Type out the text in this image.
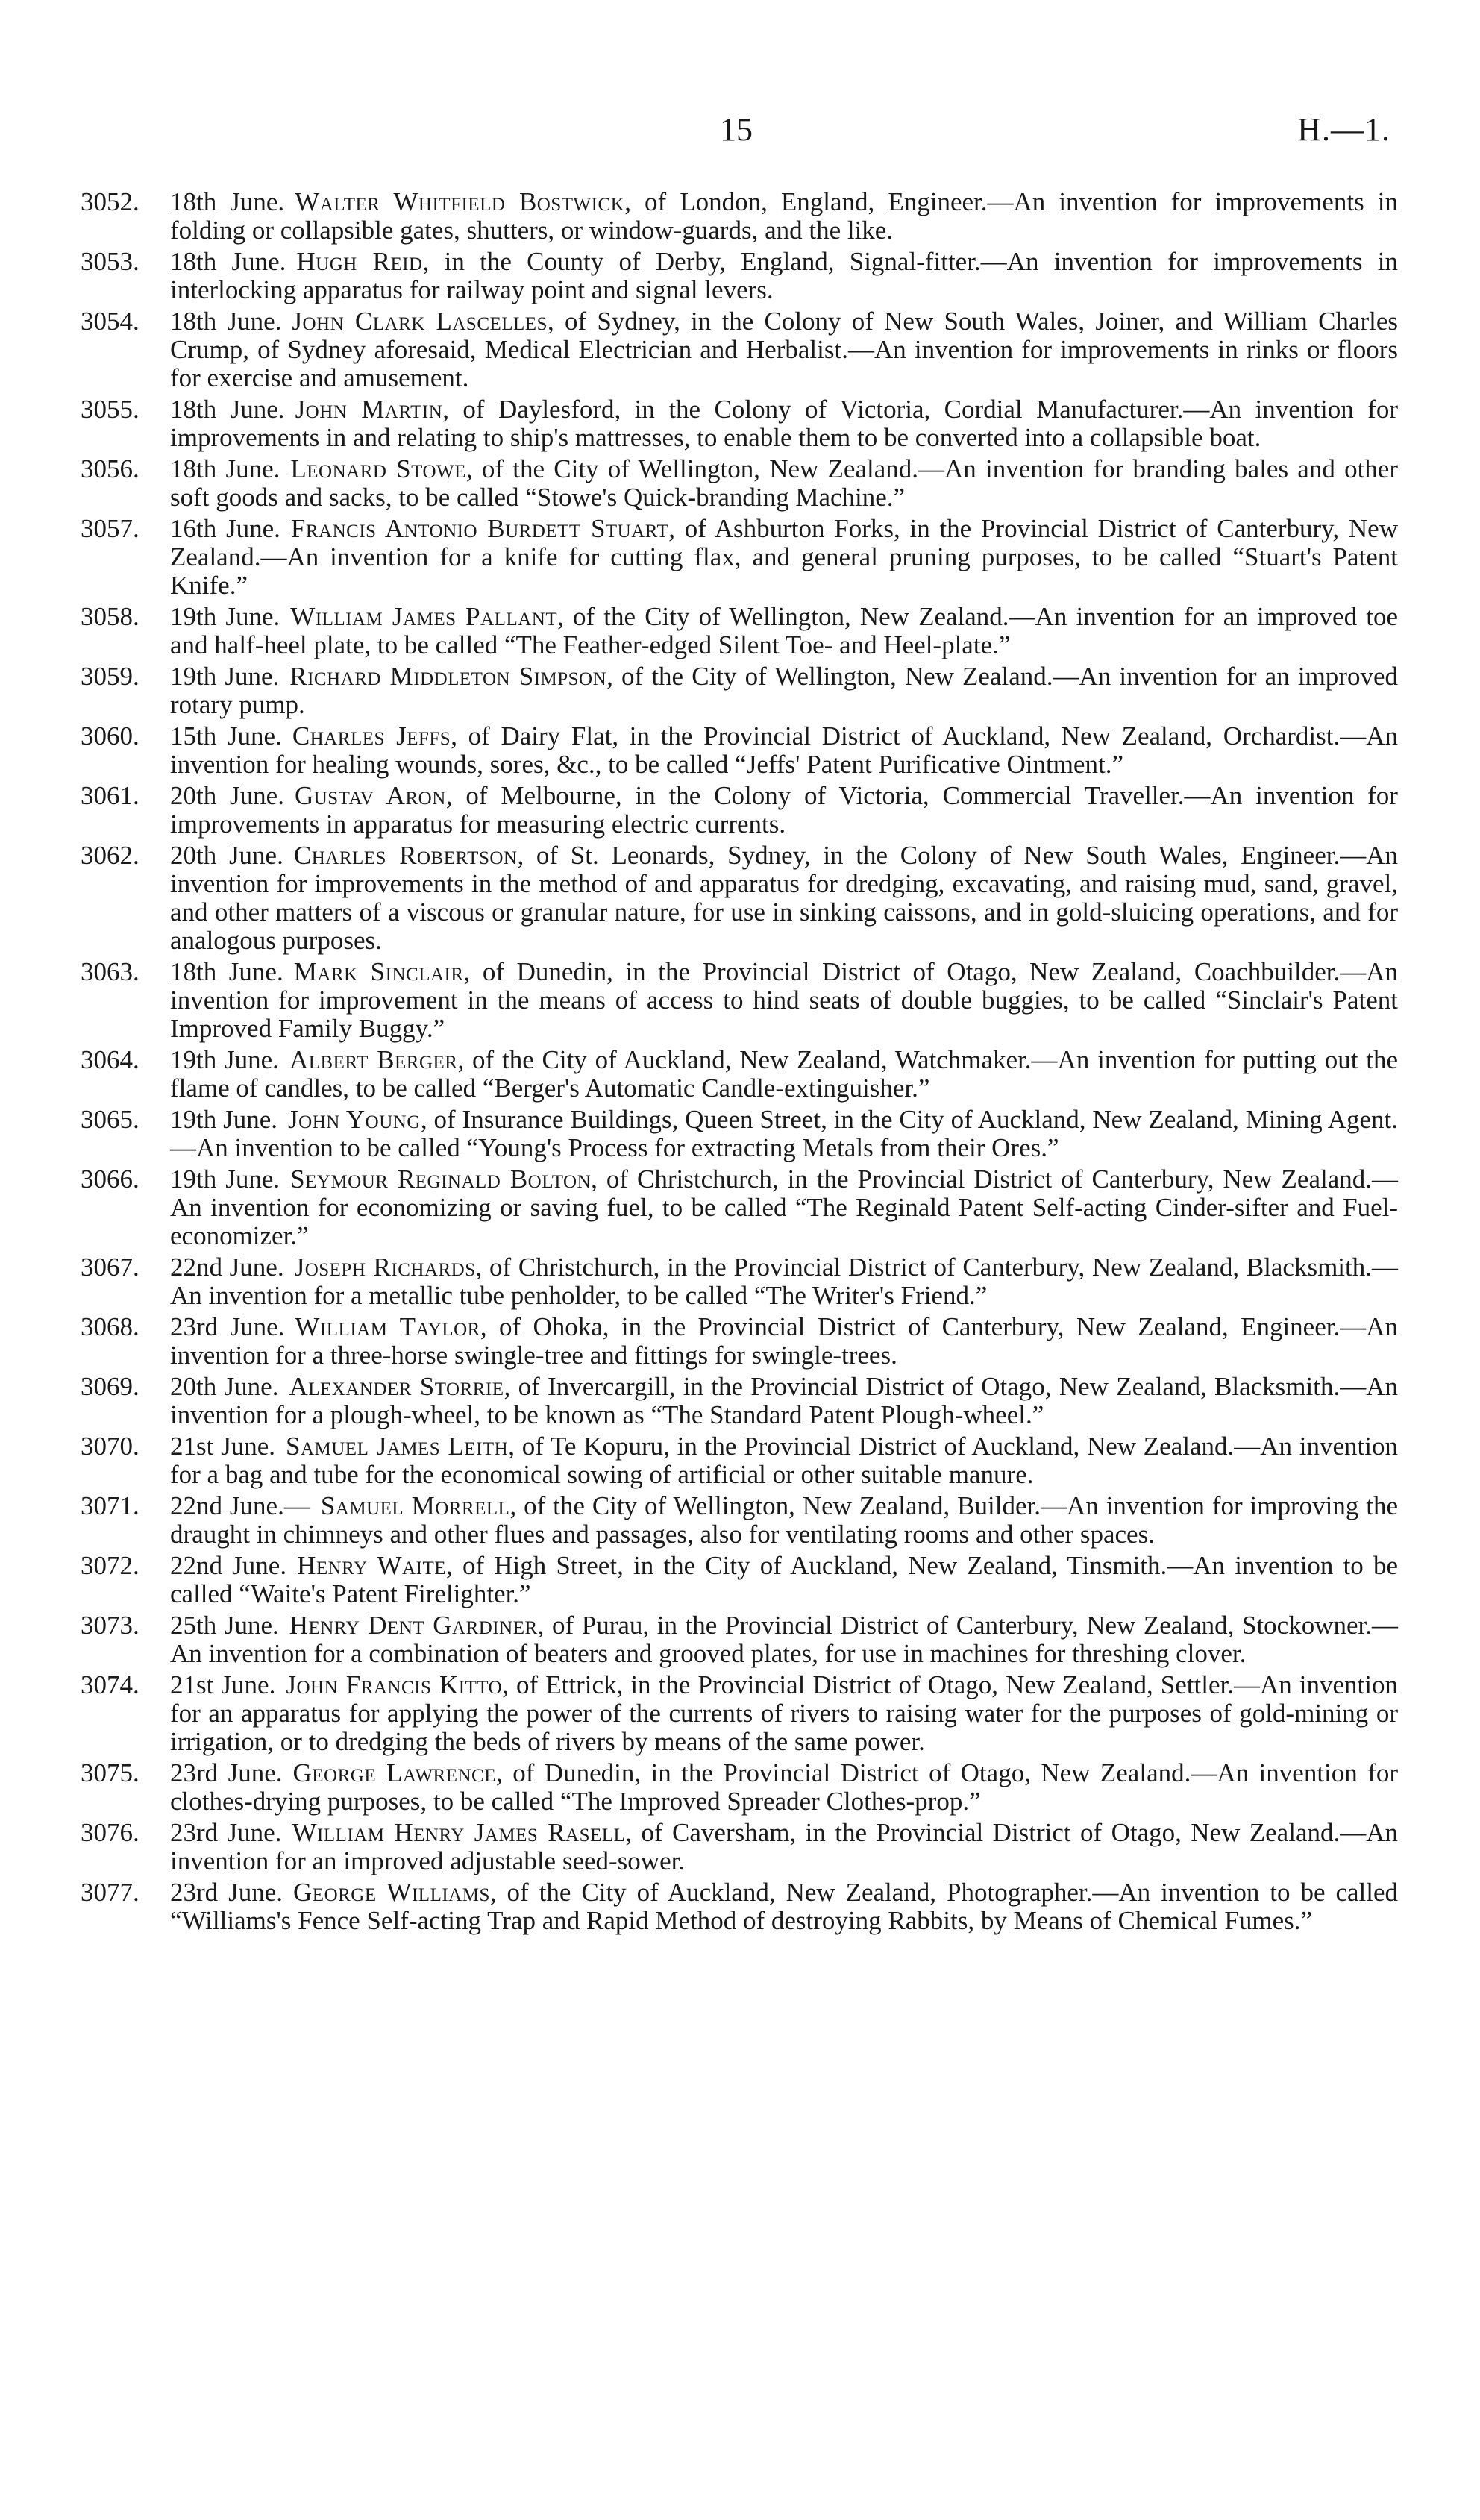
15	H.—1.

3052.	18th June. Walter Whitfield Bostwick, of London, England, Engineer.—An invention for improvements in folding or collapsible gates, shutters, or window-guards, and the like.

3053.	18th June. Hugh Reid, in the County of Derby, England, Signal-fitter.—An invention for improvements in interlocking apparatus for railway point and signal levers.

3054.	18th June. John Clark Lascelles, of Sydney, in the Colony of New South Wales, Joiner, and William Charles Crump, of Sydney aforesaid, Medical Electrician and Herbalist.—An invention for improvements in rinks or floors for exercise and amusement.

3055.	18th June. John Martin, of Daylesford, in the Colony of Victoria, Cordial Manufacturer.—An invention for improvements in and relating to ship's mattresses, to enable them to be converted into a collapsible boat.

3056.	18th June. Leonard Stowe, of the City of Wellington, New Zealand.—An invention for branding bales and other soft goods and sacks, to be called “Stowe's Quick-branding Machine.”

3057.	16th June. Francis Antonio Burdett Stuart, of Ashburton Forks, in the Provincial District of Canterbury, New Zealand.—An invention for a knife for cutting flax, and general pruning purposes, to be called “Stuart's Patent Knife.”

3058.	19th June. William James Pallant, of the City of Wellington, New Zealand.—An invention for an improved toe and half-heel plate, to be called “The Feather-edged Silent Toe- and Heel-plate.”

3059.	19th June. Richard Middleton Simpson, of the City of Wellington, New Zealand.—An invention for an improved rotary pump.

3060.	15th June. Charles Jeffs, of Dairy Flat, in the Provincial District of Auckland, New Zealand, Orchardist.—An invention for healing wounds, sores, &c., to be called “Jeffs' Patent Purificative Ointment.”

3061.	20th June. Gustav Aron, of Melbourne, in the Colony of Victoria, Commercial Traveller.—An invention for improvements in apparatus for measuring electric currents.

3062.	20th June. Charles Robertson, of St. Leonards, Sydney, in the Colony of New South Wales, Engineer.—An invention for improvements in the method of and apparatus for dredging, excavating, and raising mud, sand, gravel, and other matters of a viscous or granular nature, for use in sinking caissons, and in gold-sluicing operations, and for analogous purposes.

3063.	18th June. Mark Sinclair, of Dunedin, in the Provincial District of Otago, New Zealand, Coachbuilder.—An invention for improvement in the means of access to hind seats of double buggies, to be called “Sinclair's Patent Improved Family Buggy.”

3064.	19th June. Albert Berger, of the City of Auckland, New Zealand, Watchmaker.—An invention for putting out the flame of candles, to be called “Berger's Automatic Candle-extinguisher.”

3065.	19th June. John Young, of Insurance Buildings, Queen Street, in the City of Auckland, New Zealand, Mining Agent.—An invention to be called “Young's Process for extracting Metals from their Ores.”

3066.	19th June. Seymour Reginald Bolton, of Christchurch, in the Provincial District of Canterbury, New Zealand.—An invention for economizing or saving fuel, to be called “The Reginald Patent Self-acting Cinder-sifter and Fuel-economizer.”

3067.	22nd June. Joseph Richards, of Christchurch, in the Provincial District of Canterbury, New Zealand, Blacksmith.—An invention for a metallic tube penholder, to be called “The Writer's Friend.”

3068.	23rd June. William Taylor, of Ohoka, in the Provincial District of Canterbury, New Zealand, Engineer.—An invention for a three-horse swingle-tree and fittings for swingle-trees.

3069.	20th June. Alexander Storrie, of Invercargill, in the Provincial District of Otago, New Zealand, Blacksmith.—An invention for a plough-wheel, to be known as “The Standard Patent Plough-wheel.”

3070.	21st June. Samuel James Leith, of Te Kopuru, in the Provincial District of Auckland, New Zealand.—An invention for a bag and tube for the economical sowing of artificial or other suitable manure.

3071.	22nd June.— Samuel Morrell, of the City of Wellington, New Zealand, Builder.—An invention for improving the draught in chimneys and other flues and passages, also for ventilating rooms and other spaces.

3072.	22nd June. Henry Waite, of High Street, in the City of Auckland, New Zealand, Tinsmith.—An invention to be called “Waite's Patent Firelighter.”

3073.	25th June. Henry Dent Gardiner, of Purau, in the Provincial District of Canterbury, New Zealand, Stockowner.—An invention for a combination of beaters and grooved plates, for use in machines for threshing clover.

3074.	21st June. John Francis Kitto, of Ettrick, in the Provincial District of Otago, New Zealand, Settler.—An invention for an apparatus for applying the power of the currents of rivers to raising water for the purposes of gold-mining or irrigation, or to dredging the beds of rivers by means of the same power.

3075.	23rd June. George Lawrence, of Dunedin, in the Provincial District of Otago, New Zealand.—An invention for clothes-drying purposes, to be called “The Improved Spreader Clothes-prop.”

3076.	23rd June. William Henry James Rasell, of Caversham, in the Provincial District of Otago, New Zealand.—An invention for an improved adjustable seed-sower.

3077.	23rd June. George Williams, of the City of Auckland, New Zealand, Photographer.—An invention to be called “Williams's Fence Self-acting Trap and Rapid Method of destroying Rabbits, by Means of Chemical Fumes.”
